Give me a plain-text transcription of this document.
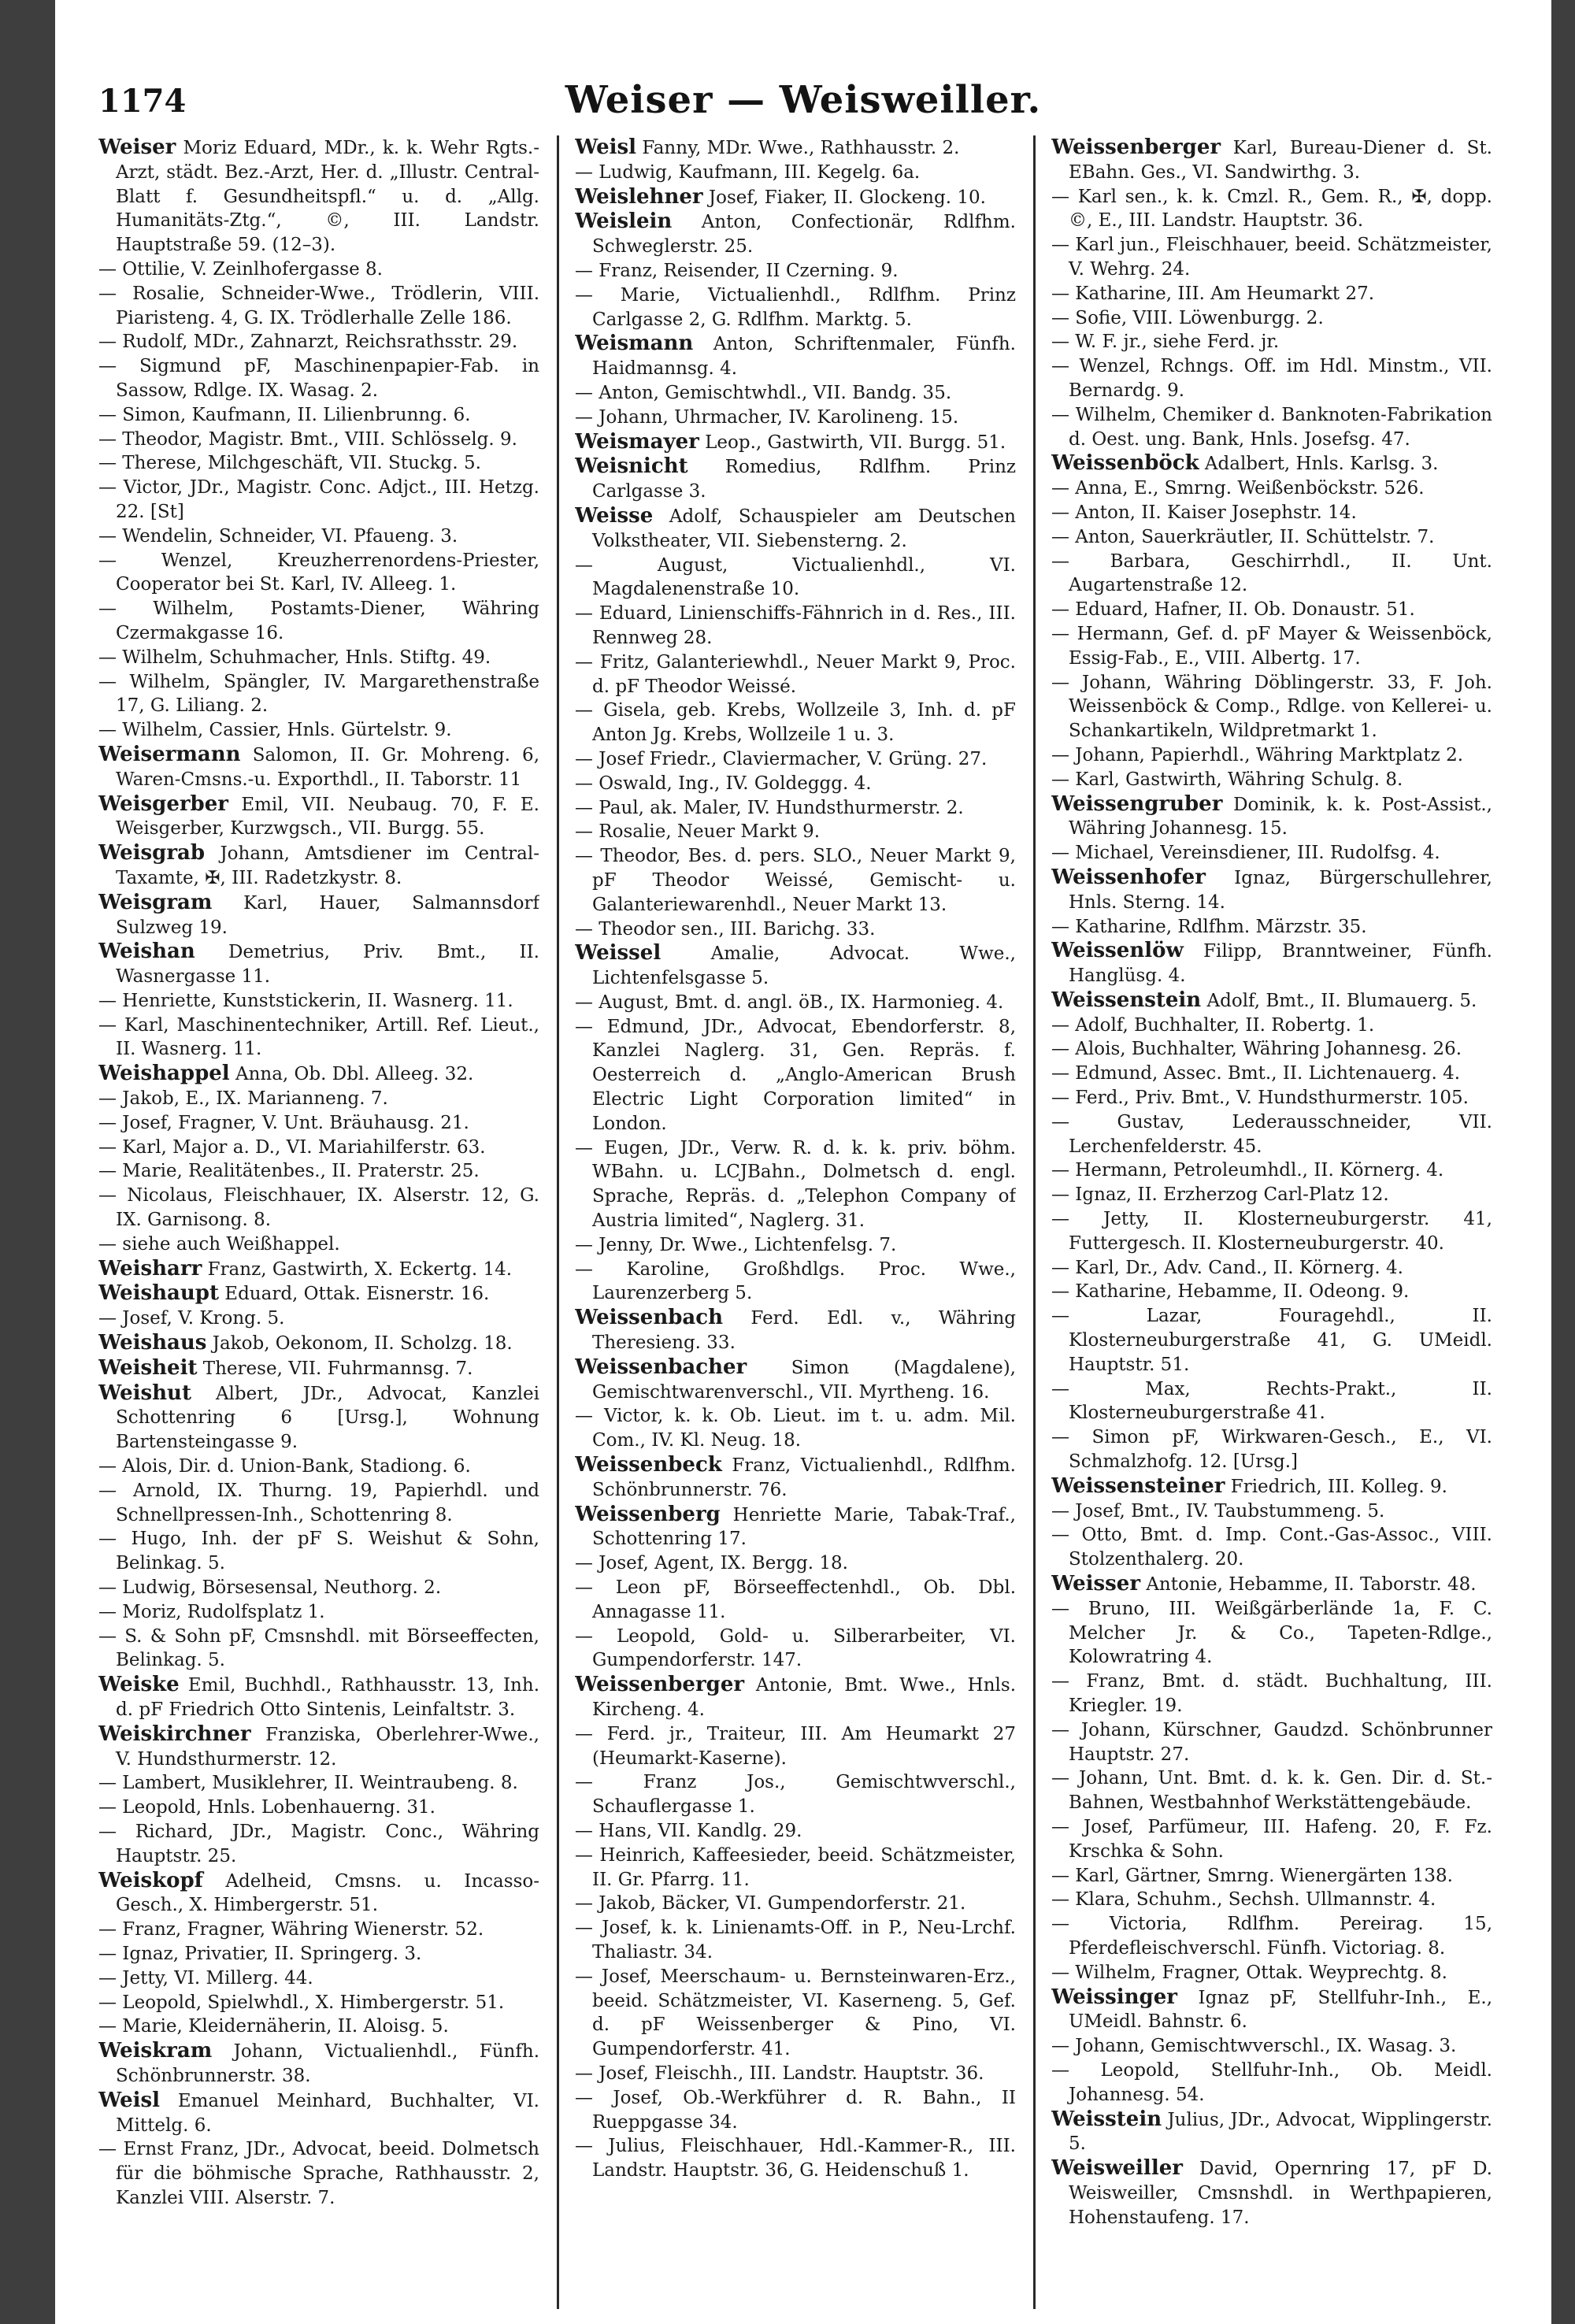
1174	Weiser — Weisweiller.

Weiser Moriz Eduard, MDr., k. k. Wehr Rgts.-Arzt, städt. Bez.-Arzt, Her. d. „Illustr. Central-Blatt f. Gesundheitspfl.“ u. d. „Allg. Humanitäts-Ztg.“, ©, III. Landstr. Hauptstraße 59. (12–3).

— Ottilie, V. Zeinlhofergasse 8.

— Rosalie, Schneider-Wwe., Trödlerin, VIII. Piaristeng. 4, G. IX. Trödlerhalle Zelle 186.

— Rudolf, MDr., Zahnarzt, Reichsrathsstr. 29.

— Sigmund pF, Maschinenpapier-Fab. in Sassow, Rdlge. IX. Wasag. 2.

— Simon, Kaufmann, II. Lilienbrunng. 6.

— Theodor, Magistr. Bmt., VIII. Schlösselg. 9.

— Therese, Milchgeschäft, VII. Stuckg. 5.

— Victor, JDr., Magistr. Conc. Adjct., III. Hetzg. 22. [St]

— Wendelin, Schneider, VI. Pfaueng. 3.

— Wenzel, Kreuzherrenordens-Priester, Cooperator bei St. Karl, IV. Alleeg. 1.

— Wilhelm, Postamts-Diener, Währing Czermakgasse 16.

— Wilhelm, Schuhmacher, Hnls. Stiftg. 49.

— Wilhelm, Spängler, IV. Margarethenstraße 17, G. Liliang. 2.

— Wilhelm, Cassier, Hnls. Gürtelstr. 9.

Weisermann Salomon, II. Gr. Mohreng. 6, Waren-Cmsns.-u. Exporthdl., II. Taborstr. 11

Weisgerber Emil, VII. Neubaug. 70, F. E. Weisgerber, Kurzwgsch., VII. Burgg. 55.

Weisgrab Johann, Amtsdiener im Central-Taxamte, ✠, III. Radetzkystr. 8.

Weisgram Karl, Hauer, Salmannsdorf Sulzweg 19.

Weishan Demetrius, Priv. Bmt., II. Wasnergasse 11.

— Henriette, Kunststickerin, II. Wasnerg. 11.

— Karl, Maschinentechniker, Artill. Ref. Lieut., II. Wasnerg. 11.

Weishappel Anna, Ob. Dbl. Alleeg. 32.

— Jakob, E., IX. Marianneng. 7.

— Josef, Fragner, V. Unt. Bräuhausg. 21.

— Karl, Major a. D., VI. Mariahilferstr. 63.

— Marie, Realitätenbes., II. Praterstr. 25.

— Nicolaus, Fleischhauer, IX. Alserstr. 12, G. IX. Garnisong. 8.

— siehe auch Weißhappel.

Weisharr Franz, Gastwirth, X. Eckertg. 14.

Weishaupt Eduard, Ottak. Eisnerstr. 16.

— Josef, V. Krong. 5.

Weishaus Jakob, Oekonom, II. Scholzg. 18.

Weisheit Therese, VII. Fuhrmannsg. 7.

Weishut Albert, JDr., Advocat, Kanzlei Schottenring 6 [Ursg.], Wohnung Bartensteingasse 9.

— Alois, Dir. d. Union-Bank, Stadiong. 6.

— Arnold, IX. Thurng. 19, Papierhdl. und Schnellpressen-Inh., Schottenring 8.

— Hugo, Inh. der pF S. Weishut & Sohn, Belinkag. 5.

— Ludwig, Börsesensal, Neuthorg. 2.

— Moriz, Rudolfsplatz 1.

— S. & Sohn pF, Cmsnshdl. mit Börseeffecten, Belinkag. 5.

Weiske Emil, Buchhdl., Rathhausstr. 13, Inh. d. pF Friedrich Otto Sintenis, Leinfaltstr. 3.

Weiskirchner Franziska, Oberlehrer-Wwe., V. Hundsthurmerstr. 12.

— Lambert, Musiklehrer, II. Weintraubeng. 8.

— Leopold, Hnls. Lobenhauerng. 31.

— Richard, JDr., Magistr. Conc., Währing Hauptstr. 25.

Weiskopf Adelheid, Cmsns. u. Incasso-Gesch., X. Himbergerstr. 51.

— Franz, Fragner, Währing Wienerstr. 52.

— Ignaz, Privatier, II. Springerg. 3.

— Jetty, VI. Millerg. 44.

— Leopold, Spielwhdl., X. Himbergerstr. 51.

— Marie, Kleidernäherin, II. Aloisg. 5.

Weiskram Johann, Victualienhdl., Fünfh. Schönbrunnerstr. 38.

Weisl Emanuel Meinhard, Buchhalter, VI. Mittelg. 6.

— Ernst Franz, JDr., Advocat, beeid. Dolmetsch für die böhmische Sprache, Rathhausstr. 2, Kanzlei VIII. Alserstr. 7.

Weisl Fanny, MDr. Wwe., Rathhausstr. 2.

— Ludwig, Kaufmann, III. Kegelg. 6a.

Weislehner Josef, Fiaker, II. Glockeng. 10.

Weislein Anton, Confectionär, Rdlfhm. Schweglerstr. 25.

— Franz, Reisender, II Czerning. 9.

— Marie, Victualienhdl., Rdlfhm. Prinz Carlgasse 2, G. Rdlfhm. Marktg. 5.

Weismann Anton, Schriftenmaler, Fünfh. Haidmannsg. 4.

— Anton, Gemischtwhdl., VII. Bandg. 35.

— Johann, Uhrmacher, IV. Karolineng. 15.

Weismayer Leop., Gastwirth, VII. Burgg. 51.

Weisnicht Romedius, Rdlfhm. Prinz Carlgasse 3.

Weisse Adolf, Schauspieler am Deutschen Volkstheater, VII. Siebensterng. 2.

— August, Victualienhdl., VI. Magdalenenstraße 10.

— Eduard, Linienschiffs-Fähnrich in d. Res., III. Rennweg 28.

— Fritz, Galanteriewhdl., Neuer Markt 9, Proc. d. pF Theodor Weissé.

— Gisela, geb. Krebs, Wollzeile 3, Inh. d. pF Anton Jg. Krebs, Wollzeile 1 u. 3.

— Josef Friedr., Claviermacher, V. Grüng. 27.

— Oswald, Ing., IV. Goldeggg. 4.

— Paul, ak. Maler, IV. Hundsthurmerstr. 2.

— Rosalie, Neuer Markt 9.

— Theodor, Bes. d. pers. SLO., Neuer Markt 9, pF Theodor Weissé, Gemischt- u. Galanteriewarenhdl., Neuer Markt 13.

— Theodor sen., III. Barichg. 33.

Weissel Amalie, Advocat. Wwe., Lichtenfelsgasse 5.

— August, Bmt. d. angl. öB., IX. Harmonieg. 4.

— Edmund, JDr., Advocat, Ebendorferstr. 8, Kanzlei Naglerg. 31, Gen. Repräs. f. Oesterreich d. „Anglo-American Brush Electric Light Corporation limited“ in London.

— Eugen, JDr., Verw. R. d. k. k. priv. böhm. WBahn. u. LCJBahn., Dolmetsch d. engl. Sprache, Repräs. d. „Telephon Company of Austria limited“, Naglerg. 31.

— Jenny, Dr. Wwe., Lichtenfelsg. 7.

— Karoline, Großhdlgs. Proc. Wwe., Laurenzerberg 5.

Weissenbach Ferd. Edl. v., Währing Theresieng. 33.

Weissenbacher Simon (Magdalene), Gemischtwarenverschl., VII. Myrtheng. 16.

— Victor, k. k. Ob. Lieut. im t. u. adm. Mil. Com., IV. Kl. Neug. 18.

Weissenbeck Franz, Victualienhdl., Rdlfhm. Schönbrunnerstr. 76.

Weissenberg Henriette Marie, Tabak-Traf., Schottenring 17.

— Josef, Agent, IX. Bergg. 18.

— Leon pF, Börseeffectenhdl., Ob. Dbl. Annagasse 11.

— Leopold, Gold- u. Silberarbeiter, VI. Gumpendorferstr. 147.

Weissenberger Antonie, Bmt. Wwe., Hnls. Kircheng. 4.

— Ferd. jr., Traiteur, III. Am Heumarkt 27 (Heumarkt-Kaserne).

— Franz Jos., Gemischtwverschl., Schauflergasse 1.

— Hans, VII. Kandlg. 29.

— Heinrich, Kaffeesieder, beeid. Schätzmeister, II. Gr. Pfarrg. 11.

— Jakob, Bäcker, VI. Gumpendorferstr. 21.

— Josef, k. k. Linienamts-Off. in P., Neu-Lrchf. Thaliastr. 34.

— Josef, Meerschaum- u. Bernsteinwaren-Erz., beeid. Schätzmeister, VI. Kaserneng. 5, Gef. d. pF Weissenberger & Pino, VI. Gumpendorferstr. 41.

— Josef, Fleischh., III. Landstr. Hauptstr. 36.

— Josef, Ob.-Werkführer d. R. Bahn., II Rueppgasse 34.

— Julius, Fleischhauer, Hdl.-Kammer-R., III. Landstr. Hauptstr. 36, G. Heidenschuß 1.

Weissenberger Karl, Bureau-Diener d. St. EBahn. Ges., VI. Sandwirthg. 3.

— Karl sen., k. k. Cmzl. R., Gem. R., ✠, dopp. ©, E., III. Landstr. Hauptstr. 36.

— Karl jun., Fleischhauer, beeid. Schätzmeister, V. Wehrg. 24.

— Katharine, III. Am Heumarkt 27.

— Sofie, VIII. Löwenburgg. 2.

— W. F. jr., siehe Ferd. jr.

— Wenzel, Rchngs. Off. im Hdl. Minstm., VII. Bernardg. 9.

— Wilhelm, Chemiker d. Banknoten-Fabrikation d. Oest. ung. Bank, Hnls. Josefsg. 47.

Weissenböck Adalbert, Hnls. Karlsg. 3.

— Anna, E., Smrng. Weißenböckstr. 526.

— Anton, II. Kaiser Josephstr. 14.

— Anton, Sauerkräutler, II. Schüttelstr. 7.

— Barbara, Geschirrhdl., II. Unt. Augartenstraße 12.

— Eduard, Hafner, II. Ob. Donaustr. 51.

— Hermann, Gef. d. pF Mayer & Weissenböck, Essig-Fab., E., VIII. Albertg. 17.

— Johann, Währing Döblingerstr. 33, F. Joh. Weissenböck & Comp., Rdlge. von Kellerei- u. Schankartikeln, Wildpretmarkt 1.

— Johann, Papierhdl., Währing Marktplatz 2.

— Karl, Gastwirth, Währing Schulg. 8.

Weissengruber Dominik, k. k. Post-Assist., Währing Johannesg. 15.

— Michael, Vereinsdiener, III. Rudolfsg. 4.

Weissenhofer Ignaz, Bürgerschullehrer, Hnls. Sterng. 14.

— Katharine, Rdlfhm. Märzstr. 35.

Weissenlöw Filipp, Branntweiner, Fünfh. Hanglüsg. 4.

Weissenstein Adolf, Bmt., II. Blumauerg. 5.

— Adolf, Buchhalter, II. Robertg. 1.

— Alois, Buchhalter, Währing Johannesg. 26.

— Edmund, Assec. Bmt., II. Lichtenauerg. 4.

— Ferd., Priv. Bmt., V. Hundsthurmerstr. 105.

— Gustav, Lederausschneider, VII. Lerchenfelderstr. 45.

— Hermann, Petroleumhdl., II. Körnerg. 4.

— Ignaz, II. Erzherzog Carl-Platz 12.

— Jetty, II. Klosterneuburgerstr. 41, Futtergesch. II. Klosterneuburgerstr. 40.

— Karl, Dr., Adv. Cand., II. Körnerg. 4.

— Katharine, Hebamme, II. Odeong. 9.

— Lazar, Fouragehdl., II. Klosterneuburgerstraße 41, G. UMeidl. Hauptstr. 51.

— Max, Rechts-Prakt., II. Klosterneuburgerstraße 41.

— Simon pF, Wirkwaren-Gesch., E., VI. Schmalzhofg. 12. [Ursg.]

Weissensteiner Friedrich, III. Kolleg. 9.

— Josef, Bmt., IV. Taubstummeng. 5.

— Otto, Bmt. d. Imp. Cont.-Gas-Assoc., VIII. Stolzenthalerg. 20.

Weisser Antonie, Hebamme, II. Taborstr. 48.

— Bruno, III. Weißgärberlände 1a, F. C. Melcher Jr. & Co., Tapeten-Rdlge., Kolowratring 4.

— Franz, Bmt. d. städt. Buchhaltung, III. Kriegler. 19.

— Johann, Kürschner, Gaudzd. Schönbrunner Hauptstr. 27.

— Johann, Unt. Bmt. d. k. k. Gen. Dir. d. St.-Bahnen, Westbahnhof Werkstättengebäude.

— Josef, Parfümeur, III. Hafeng. 20, F. Fz. Krschka & Sohn.

— Karl, Gärtner, Smrng. Wienergärten 138.

— Klara, Schuhm., Sechsh. Ullmannstr. 4.

— Victoria, Rdlfhm. Pereirag. 15, Pferdefleischverschl. Fünfh. Victoriag. 8.

— Wilhelm, Fragner, Ottak. Weyprechtg. 8.

Weissinger Ignaz pF, Stellfuhr-Inh., E., UMeidl. Bahnstr. 6.

— Johann, Gemischtwverschl., IX. Wasag. 3.

— Leopold, Stellfuhr-Inh., Ob. Meidl. Johannesg. 54.

Weisstein Julius, JDr., Advocat, Wipplingerstr. 5.

Weisweiller David, Opernring 17, pF D. Weisweiller, Cmsnshdl. in Werthpapieren, Hohenstaufeng. 17.
